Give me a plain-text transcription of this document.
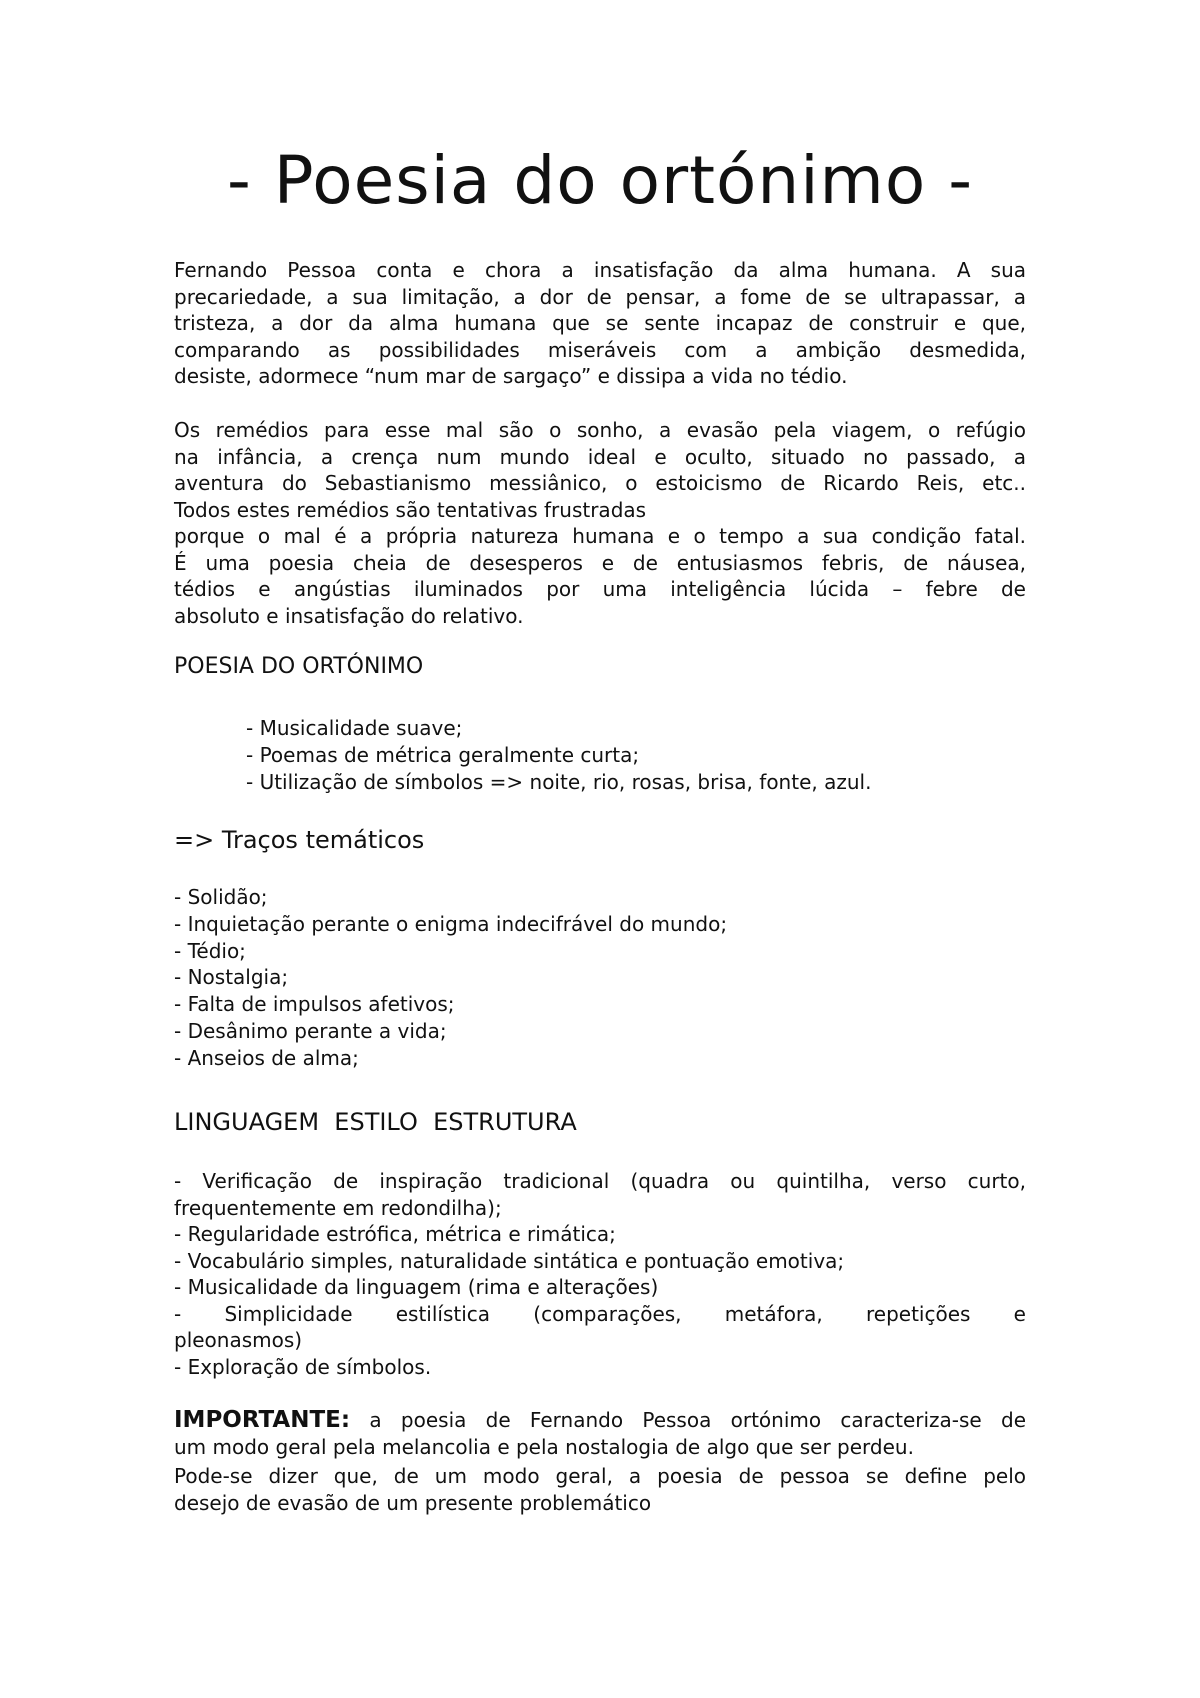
- Poesia do ortónimo -

Fernando Pessoa conta e chora a insatisfação da alma humana. A sua

precariedade, a sua limitação, a dor de pensar, a fome de se ultrapassar, a

tristeza, a dor da alma humana que se sente incapaz de construir e que,

comparando as possibilidades miseráveis com a ambição desmedida,

desiste, adormece “num mar de sargaço” e dissipa a vida no tédio.

Os remédios para esse mal são o sonho, a evasão pela viagem, o refúgio

na infância, a crença num mundo ideal e oculto, situado no passado, a

aventura do Sebastianismo messiânico, o estoicismo de Ricardo Reis, etc..

Todos estes remédios são tentativas frustradas

porque o mal é a própria natureza humana e o tempo a sua condição fatal.

É uma poesia cheia de desesperos e de entusiasmos febris, de náusea,

tédios e angústias iluminados por uma inteligência lúcida – febre de

absoluto e insatisfação do relativo.

POESIA DO ORTÓNIMO
- Musicalidade suave;
- Poemas de métrica geralmente curta;
- Utilização de símbolos => noite, rio, rosas, brisa, fonte, azul.
=> Traços temáticos
- Solidão;
- Inquietação perante o enigma indecifrável do mundo;
- Tédio;
- Nostalgia;
- Falta de impulsos afetivos;
- Desânimo perante a vida;
- Anseios de alma;
LINGUAGEM  ESTILO  ESTRUTURA

- Verificação de inspiração tradicional (quadra ou quintilha, verso curto,

frequentemente em redondilha);

- Regularidade estrófica, métrica e rimática;

- Vocabulário simples, naturalidade sintática e pontuação emotiva;

- Musicalidade da linguagem (rima e alterações)

- Simplicidade estilística (comparações, metáfora, repetições e

pleonasmos)

- Exploração de símbolos.

IMPORTANTE: a poesia de Fernando Pessoa ortónimo caracteriza-se de

um modo geral pela melancolia e pela nostalogia de algo que ser perdeu.

Pode-se dizer que, de um modo geral, a poesia de pessoa se define pelo

desejo de evasão de um presente problemático
